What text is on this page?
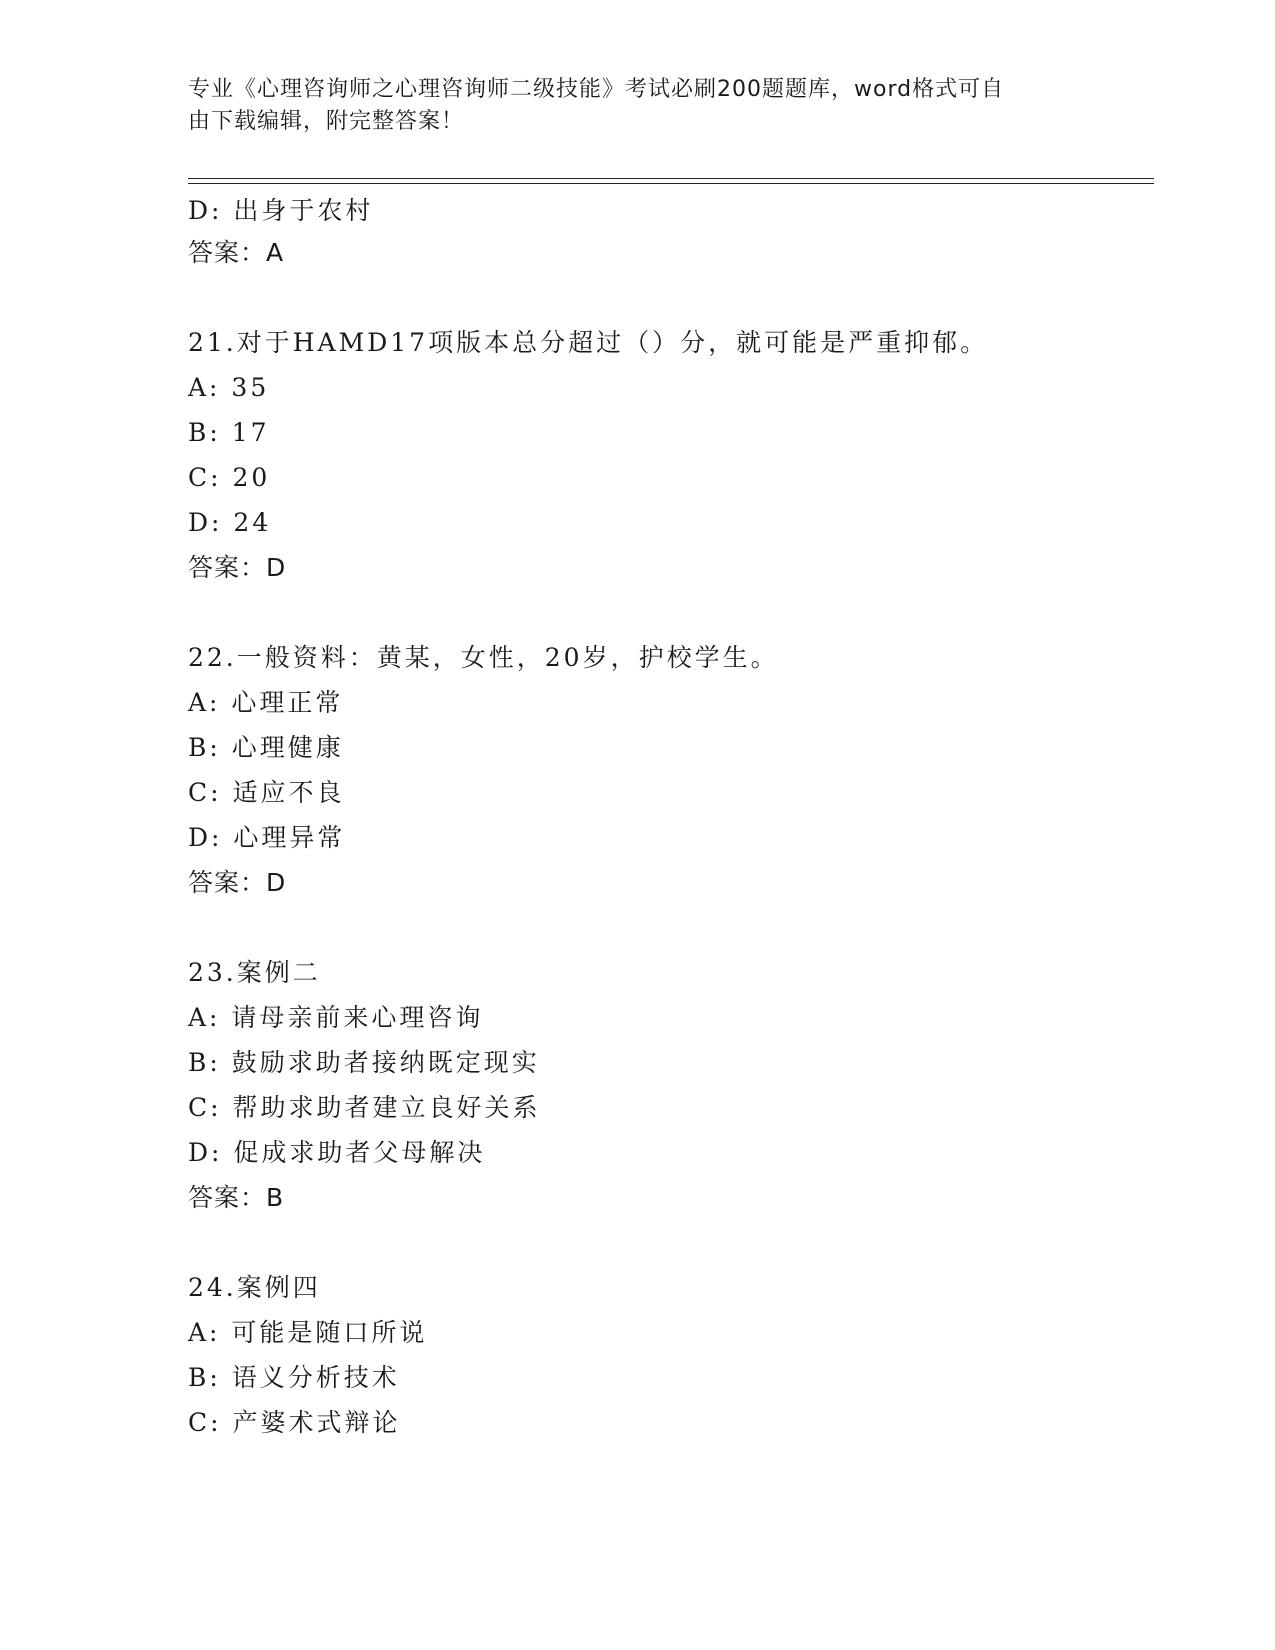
专业《心理咨询师之心理咨询师二级技能》考试必刷200题题库，word格式可自
由下载编辑，附完整答案！
D: 出身于农村
答案：A
21.对于HAMD17项版本总分超过（）分，就可能是严重抑郁。
A: 35
B: 17
C: 20
D: 24
答案：D
22.一般资料：黄某，女性，20岁，护校学生。
A: 心理正常
B: 心理健康
C: 适应不良
D: 心理异常
答案：D
23.案例二
A: 请母亲前来心理咨询
B: 鼓励求助者接纳既定现实
C: 帮助求助者建立良好关系
D: 促成求助者父母解决
答案：B
24.案例四
A: 可能是随口所说
B: 语义分析技术
C: 产婆术式辩论
